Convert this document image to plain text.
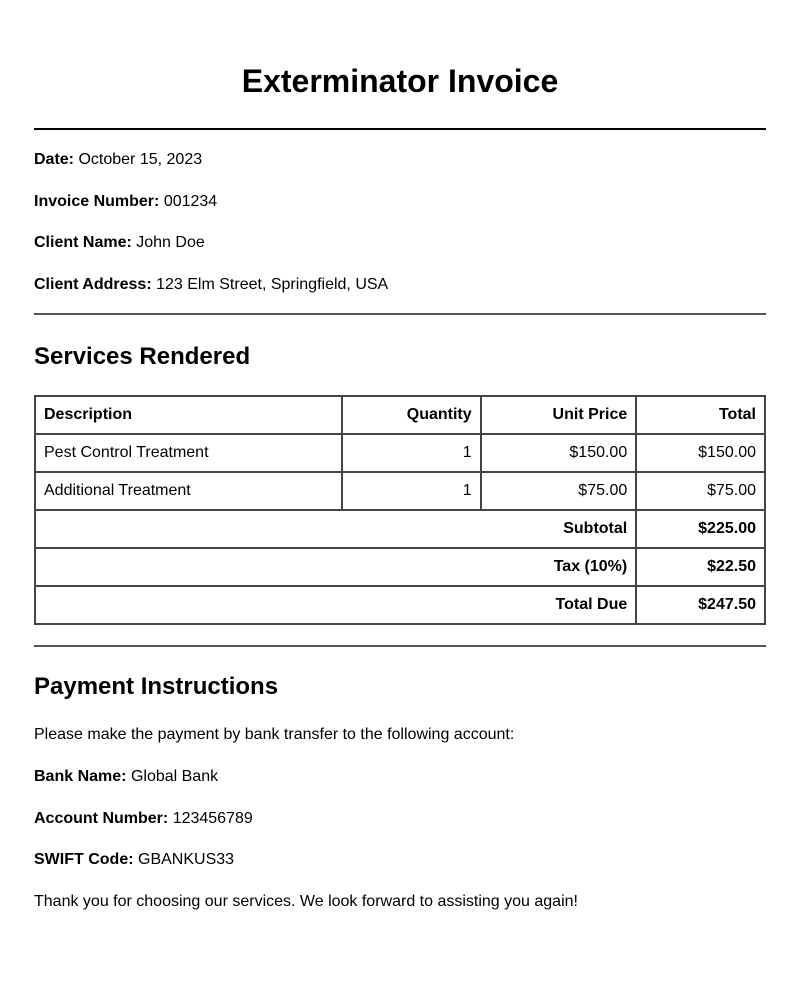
Exterminator Invoice

Date: October 15, 2023

Invoice Number: 001234

Client Name: John Doe

Client Address: 123 Elm Street, Springfield, USA

Services Rendered
Description	Quantity	Unit Price	Total
Pest Control Treatment	1	$150.00	$150.00
Additional Treatment	1	$75.00	$75.00
Subtotal			$225.00
Tax (10%)			$22.50
Total Due			$247.50
Payment Instructions

Please make the payment by bank transfer to the following account:

Bank Name: Global Bank

Account Number: 123456789

SWIFT Code: GBANKUS33

Thank you for choosing our services. We look forward to assisting you again!
